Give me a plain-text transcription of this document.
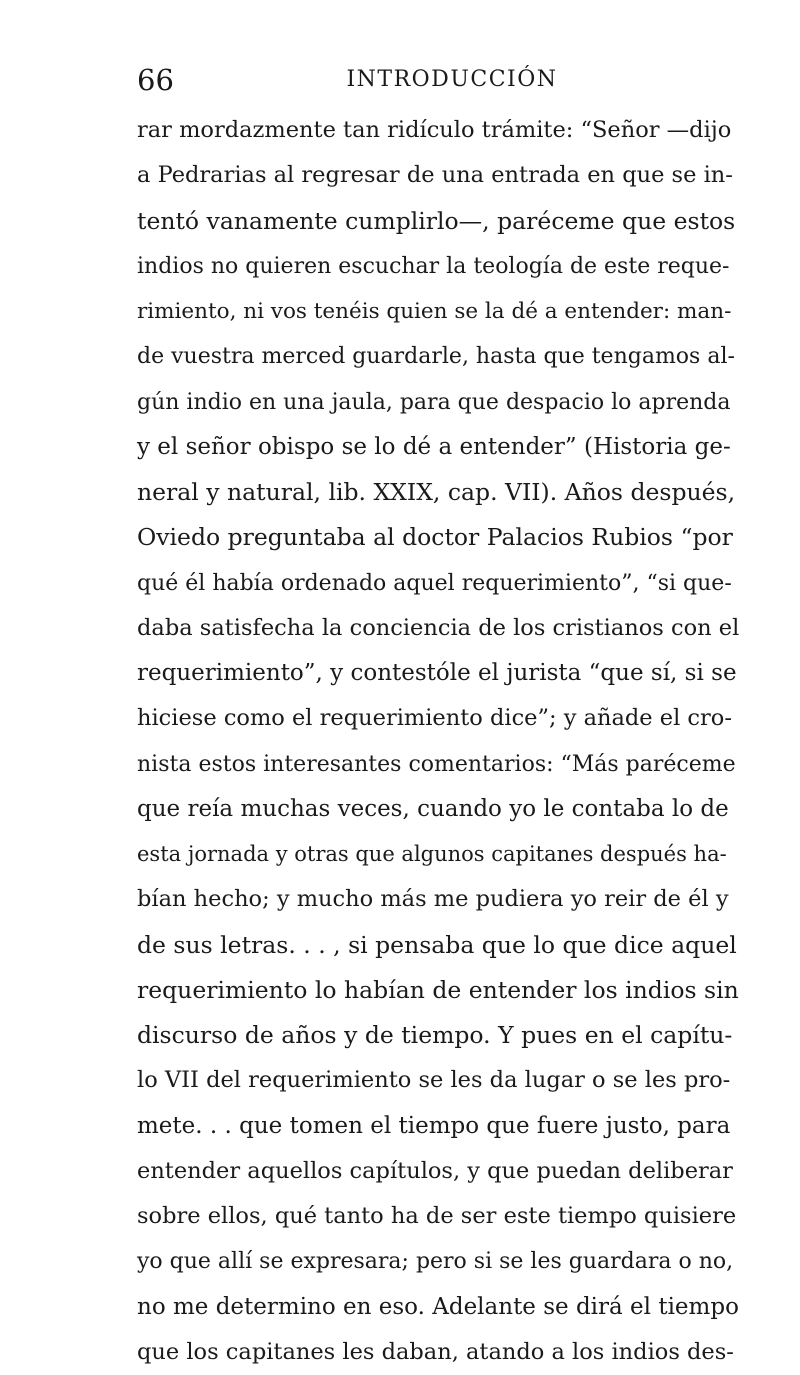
66	INTRODUCCIÓN
rar mordazmente tan ridículo trámite: “Señor —dijo
a Pedrarias al regresar de una entrada en que se in-
tentó vanamente cumplirlo—, paréceme que estos
indios no quieren escuchar la teología de este reque-
rimiento, ni vos tenéis quien se la dé a entender: man-
de vuestra merced guardarle, hasta que tengamos al-
gún indio en una jaula, para que despacio lo aprenda
y el señor obispo se lo dé a entender” (Historia ge-
neral y natural, lib. XXIX, cap. VII). Años después,
Oviedo preguntaba al doctor Palacios Rubios “por
qué él había ordenado aquel requerimiento”, “si que-
daba satisfecha la conciencia de los cristianos con el
requerimiento”, y contestóle el jurista “que sí, si se
hiciese como el requerimiento dice”; y añade el cro-
nista estos interesantes comentarios: “Más paréceme
que reía muchas veces, cuando yo le contaba lo de
esta jornada y otras que algunos capitanes después ha-
bían hecho; y mucho más me pudiera yo reir de él y
de sus letras. . . , si pensaba que lo que dice aquel
requerimiento lo habían de entender los indios sin
discurso de años y de tiempo. Y pues en el capítu-
lo VII del requerimiento se les da lugar o se les pro-
mete. . . que tomen el tiempo que fuere justo, para
entender aquellos capítulos, y que puedan deliberar
sobre ellos, qué tanto ha de ser este tiempo quisiere
yo que allí se expresara; pero si se les guardara o no,
no me determino en eso. Adelante se dirá el tiempo
que los capitanes les daban, atando a los indios des-
